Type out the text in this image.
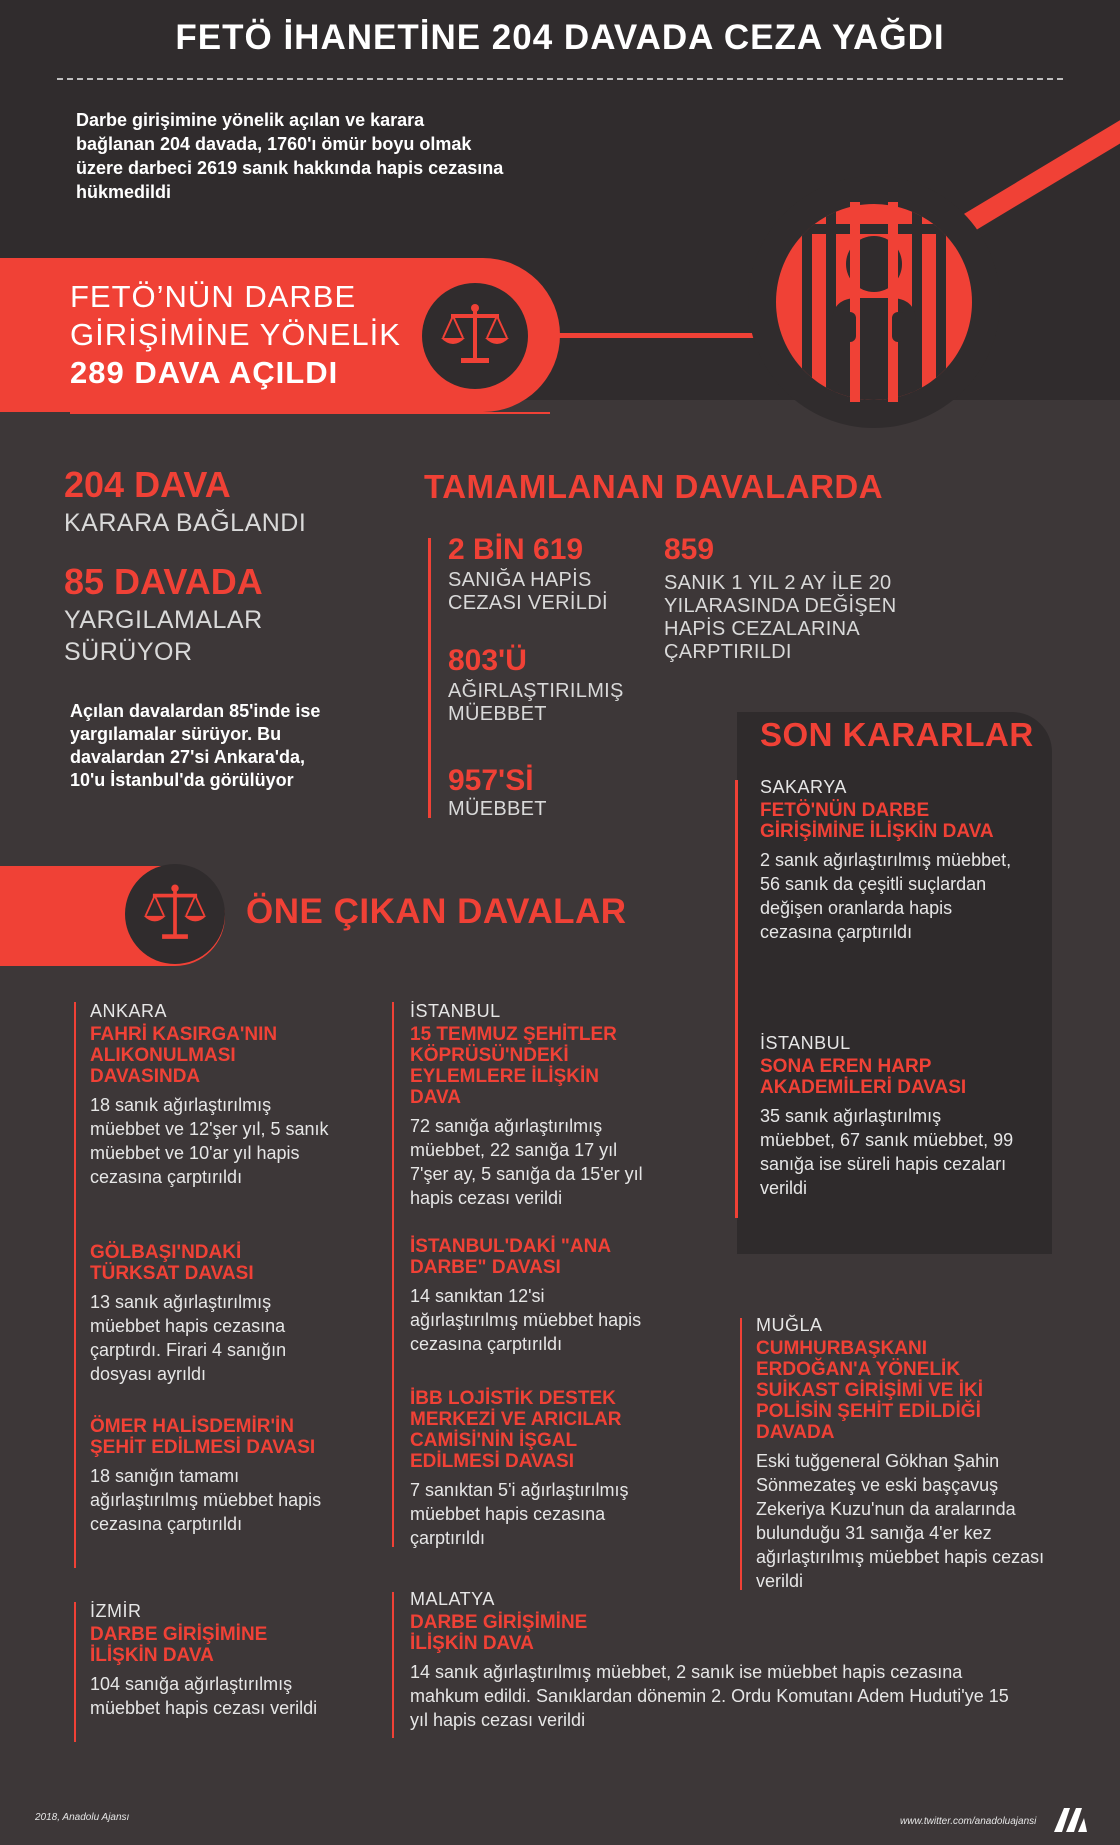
FETÖ İHANETİNE 204 DAVADA CEZA YAĞDI
Darbe girişimine yönelik açılan ve karara bağlanan 204 davada, 1760'ı ömür boyu olmak üzere darbeci 2619 sanık hakkında hapis cezasına hükmedildi
FETÖ’NÜN DARBE
GİRİŞİMİNE YÖNELİK
289 DAVA AÇILDI
204 DAVA
KARARA BAĞLANDI
85 DAVADA
YARGILAMALAR
SÜRÜYOR
Açılan davalardan 85'inde ise yargılamalar sürüyor. Bu davalardan 27'si Ankara'da, 10'u İstanbul'da görülüyor
TAMAMLANAN DAVALARDA
2 BİN 619
SANIĞA HAPİS
CEZASI VERİLDİ
803'Ü
AĞIRLAŞTIRILMIŞ
MÜEBBET
957'Sİ
MÜEBBET
859
SANIK 1 YIL 2 AY İLE 20 YILARASINDA DEĞİŞEN HAPİS CEZALARINA ÇARPTIRILDI
SON KARARLAR
SAKARYA
FETÖ'NÜN DARBE GİRİŞİMİNE İLİŞKİN DAVA
2 sanık ağırlaştırılmış müebbet, 56 sanık da çeşitli suçlardan değişen oranlarda hapis cezasına çarptırıldı
İSTANBUL
SONA EREN HARP AKADEMİLERİ DAVASI
35 sanık ağırlaştırılmış müebbet, 67 sanık müebbet, 99 sanığa ise süreli hapis cezaları verildi
ÖNE ÇIKAN DAVALAR
ANKARA
FAHRİ KASIRGA'NIN ALIKONULMASI DAVASINDA
18 sanık ağırlaştırılmış müebbet ve 12'şer yıl, 5 sanık müebbet ve 10'ar yıl hapis cezasına çarptırıldı
GÖLBAŞI'NDAKİ TÜRKSAT DAVASI
13 sanık ağırlaştırılmış müebbet hapis cezasına çarptırdı. Firari 4 sanığın dosyası ayrıldı
ÖMER HALİSDEMİR'İN ŞEHİT EDİLMESİ DAVASI
18 sanığın tamamı ağırlaştırılmış müebbet hapis cezasına çarptırıldı
İZMİR
DARBE GİRİŞİMİNE İLİŞKİN DAVA
104 sanığa ağırlaştırılmış müebbet hapis cezası verildi
İSTANBUL
15 TEMMUZ ŞEHİTLER KÖPRÜSÜ'NDEKİ EYLEMLERE İLİŞKİN DAVA
72 sanığa ağırlaştırılmış müebbet, 22 sanığa 17 yıl 7'şer ay, 5 sanığa da 15'er yıl hapis cezası verildi
İSTANBUL'DAKİ "ANA DARBE" DAVASI
14 sanıktan 12'si ağırlaştırılmış müebbet hapis cezasına çarptırıldı
İBB LOJİSTİK DESTEK MERKEZİ VE ARICILAR CAMİSİ'NİN İŞGAL EDİLMESİ DAVASI
7 sanıktan 5'i ağırlaştırılmış müebbet hapis cezasına çarptırıldı
MALATYA
DARBE GİRİŞİMİNE İLİŞKİN DAVA
14 sanık ağırlaştırılmış müebbet, 2 sanık ise müebbet hapis cezasına mahkum edildi. Sanıklardan dönemin 2. Ordu Komutanı Adem Huduti'ye 15 yıl hapis cezası verildi
MUĞLA
CUMHURBAŞKANI ERDOĞAN'A YÖNELİK SUİKAST GİRİŞİMİ VE İKİ POLİSİN ŞEHİT EDİLDİĞİ DAVADA
Eski tuğgeneral Gökhan Şahin Sönmezateş ve eski başçavuş Zekeriya Kuzu'nun da aralarında bulunduğu 31 sanığa 4'er kez ağırlaştırılmış müebbet hapis cezası verildi
2018, Anadolu Ajansı	www.twitter.com/anadoluajansi
